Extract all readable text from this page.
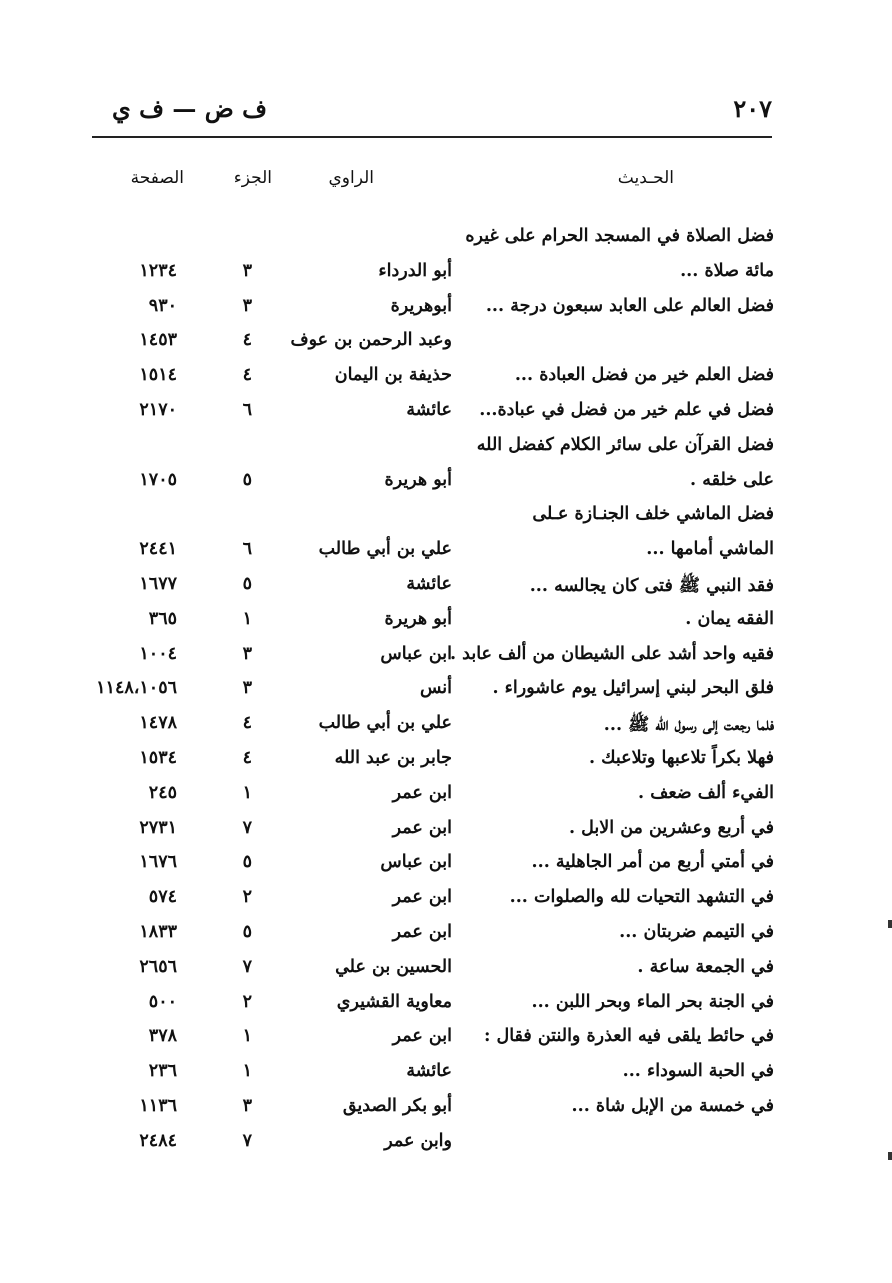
ف ض — ف ي	٢٠٧
الحـديث
الراوي
الجزء
الصفحة
فضل الصلاة في المسجد الحرام على غيره
مائة صلاة ...
أبو الدرداء
٣
١٢٣٤
فضل العالم على العابد سبعون درجة ...
أبوهريرة
٣
٩٣٠
وعبد الرحمن بن عوف
٤
١٤٥٣
فضل العلم خير من فضل العبادة ...
حذيفة بن اليمان
٤
١٥١٤
فضل في علم خير من فضل في عبادة...
عائشة
٦
٢١٧٠
فضل القرآن على سائر الكلام كفضل الله
على خلقه .
أبو هريرة
٥
١٧٠٥
فضل الماشي خلف الجنـازة عـلى
الماشي أمامها ...
علي بن أبي طالب
٦
٢٤٤١
فقد النبي ﷺ فتى كان يجالسه ...
عائشة
٥
١٦٧٧
الفقه يمان .
أبو هريرة
١
٣٦٥
فقيه واحد أشد على الشيطان من ألف عابد .
ابن عباس
٣
١٠٠٤
فلق البحر لبني إسرائيل يوم عاشوراء .
أنس
٣
١١٤٨،١٠٥٦
فلما رجعت إلى رسول الله ﷺ ...
علي بن أبي طالب
٤
١٤٧٨
فهلا بكراً تلاعبها وتلاعبك .
جابر بن عبد الله
٤
١٥٣٤
الفيء ألف ضعف .
ابن عمر
١
٢٤٥
في أربع وعشرين من الابل .
ابن عمر
٧
٢٧٣١
في أمتي أربع من أمر الجاهلية ...
ابن عباس
٥
١٦٧٦
في التشهد التحيات لله والصلوات ...
ابن عمر
٢
٥٧٤
في التيمم ضربتان ...
ابن عمر
٥
١٨٣٣
في الجمعة ساعة .
الحسين بن علي
٧
٢٦٥٦
في الجنة بحر الماء وبحر اللبن ...
معاوية القشيري
٢
٥٠٠
في حائط يلقى فيه العذرة والنتن فقال :
ابن عمر
١
٣٧٨
في الحبة السوداء ...
عائشة
١
٢٣٦
في خمسة من الإبل شاة ...
أبو بكر الصديق
٣
١١٣٦
وابن عمر
٧
٢٤٨٤
